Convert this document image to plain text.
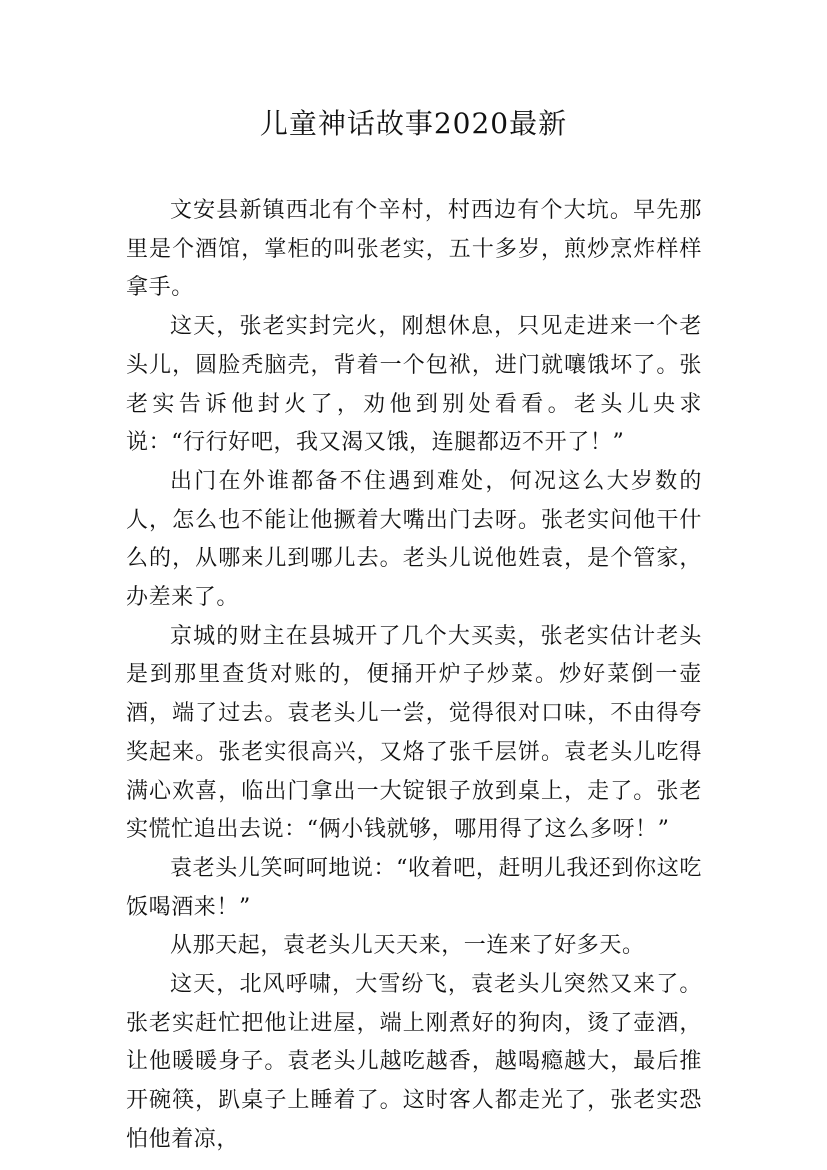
儿童神话故事2020最新

文安县新镇西北有个辛村，村西边有个大坑。早先那里是个酒馆，掌柜的叫张老实，五十多岁，煎炒烹炸样样拿手。

这天，张老实封完火，刚想休息，只见走进来一个老头儿，圆脸秃脑壳，背着一个包袱，进门就嚷饿坏了。张老实告诉他封火了，劝他到别处看看。老头儿央求说：“行行好吧，我又渴又饿，连腿都迈不开了！”

出门在外谁都备不住遇到难处，何况这么大岁数的人，怎么也不能让他撅着大嘴出门去呀。张老实问他干什么的，从哪来儿到哪儿去。老头儿说他姓袁，是个管家，办差来了。

京城的财主在县城开了几个大买卖，张老实估计老头是到那里查货对账的，便捅开炉子炒菜。炒好菜倒一壶酒，端了过去。袁老头儿一尝，觉得很对口味，不由得夸奖起来。张老实很高兴，又烙了张千层饼。袁老头儿吃得满心欢喜，临出门拿出一大锭银子放到桌上，走了。张老实慌忙追出去说：“俩小钱就够，哪用得了这么多呀！”

袁老头儿笑呵呵地说：“收着吧，赶明儿我还到你这吃饭喝酒来！”

从那天起，袁老头儿天天来，一连来了好多天。

这天，北风呼啸，大雪纷飞，袁老头儿突然又来了。张老实赶忙把他让进屋，端上刚煮好的狗肉，烫了壶酒，让他暖暖身子。袁老头儿越吃越香，越喝瘾越大，最后推开碗筷，趴桌子上睡着了。这时客人都走光了，张老实恐怕他着凉，
